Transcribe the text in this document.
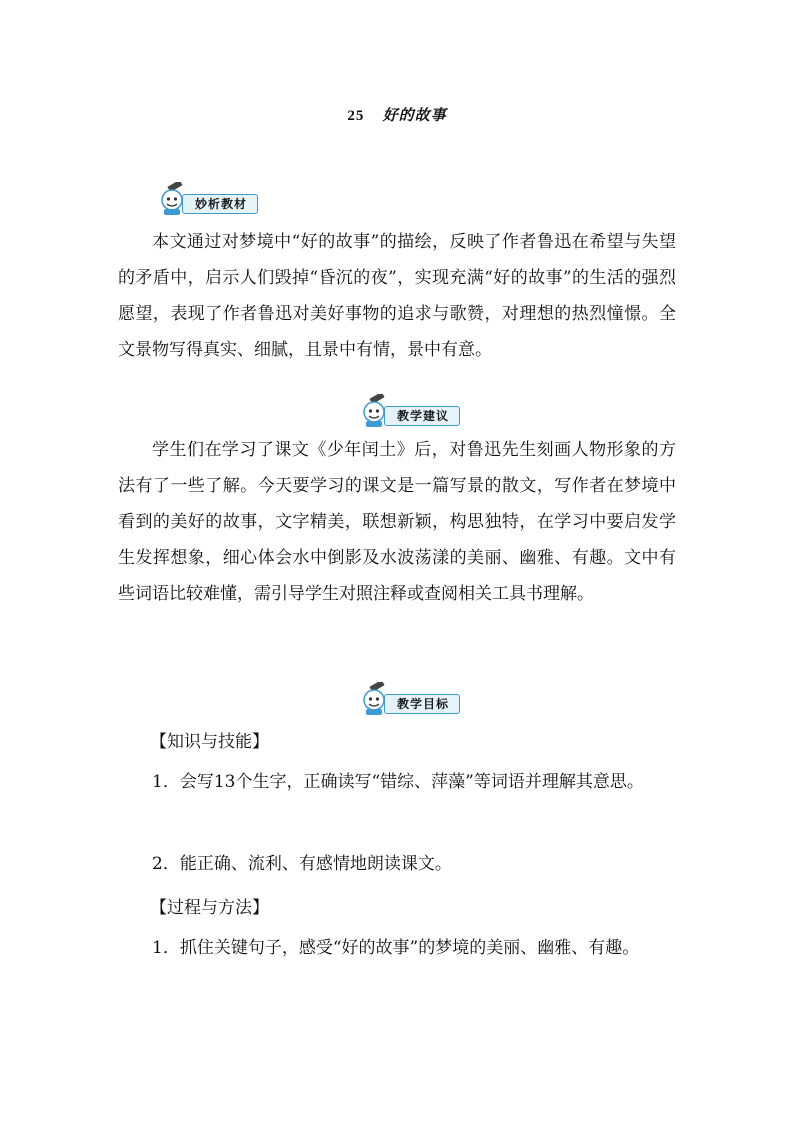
25 好的故事
妙析教材

本文通过对梦境中“好的故事”的描绘，反映了作者鲁迅在希望与失望的矛盾中，启示人们毁掉“昏沉的夜”，实现充满“好的故事”的生活的强烈愿望，表现了作者鲁迅对美好事物的追求与歌赞，对理想的热烈憧憬。全文景物写得真实、细腻，且景中有情，景中有意。

教学建议

学生们在学习了课文《少年闰土》后，对鲁迅先生刻画人物形象的方法有了一些了解。今天要学习的课文是一篇写景的散文，写作者在梦境中看到的美好的故事，文字精美，联想新颖，构思独特，在学习中要启发学生发挥想象，细心体会水中倒影及水波荡漾的美丽、幽雅、有趣。文中有些词语比较难懂，需引导学生对照注释或查阅相关工具书理解。

教学目标

【知识与技能】

1．会写13个生字，正确读写“错综、萍藻”等词语并理解其意思。

2．能正确、流利、有感情地朗读课文。

【过程与方法】

1．抓住关键句子，感受“好的故事”的梦境的美丽、幽雅、有趣。
